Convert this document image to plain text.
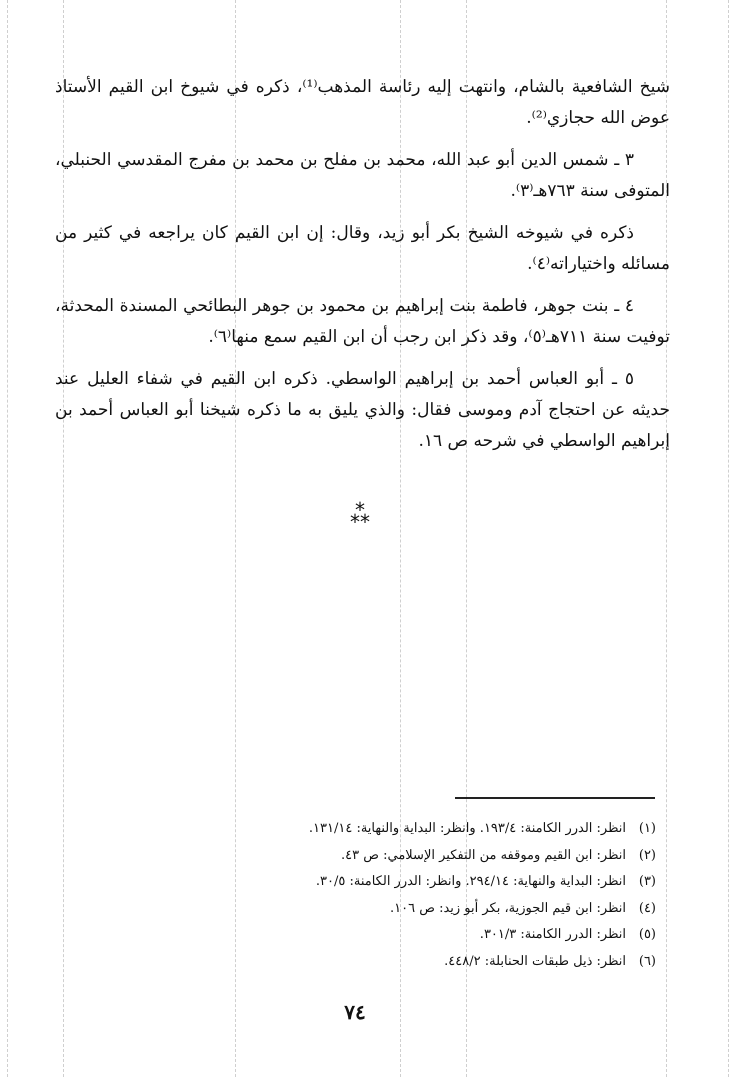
شيخ الشافعية بالشام، وانتهت إليه رئاسة المذهب⁽¹⁾، ذكره في شيوخ ابن القيم الأستاذ عوض الله حجازي⁽²⁾.

٣ ـ شمس الدين أبو عبد الله، محمد بن مفلح بن محمد بن مفرج المقدسي الحنبلي، المتوفى سنة ٧٦٣هـ⁽٣⁾.

ذكره في شيوخه الشيخ بكر أبو زيد، وقال: إن ابن القيم كان يراجعه في كثير من مسائله واختياراته⁽٤⁾.

٤ ـ بنت جوهر، فاطمة بنت إبراهيم بن محمود بن جوهر البطائحي المسندة المحدثة، توفيت سنة ٧١١هـ⁽٥⁾، وقد ذكر ابن رجب أن ابن القيم سمع منها⁽٦⁾.

٥ ـ أبو العباس أحمد بن إبراهيم الواسطي. ذكره ابن القيم في شفاء العليل عند حديثه عن احتجاج آدم وموسى فقال: والذي يليق به ما ذكره شيخنا أبو العباس أحمد بن إبراهيم الواسطي في شرحه ص ١٦.

*
**
(١)انظر: الدرر الكامنة: ١٩٣/٤. وانظر: البداية والنهاية: ١٣١/١٤.
(٢)انظر: ابن القيم وموقفه من التفكير الإسلامي: ص ٤٣.
(٣)انظر: البداية والنهاية: ٢٩٤/١٤. وانظر: الدرر الكامنة: ٣٠/٥.
(٤)انظر: ابن قيم الجوزية، بكر أبو زيد: ص ١٠٦.
(٥)انظر: الدرر الكامنة: ٣٠١/٣.
(٦)انظر: ذيل طبقات الحنابلة: ٤٤٨/٢.
٧٤
